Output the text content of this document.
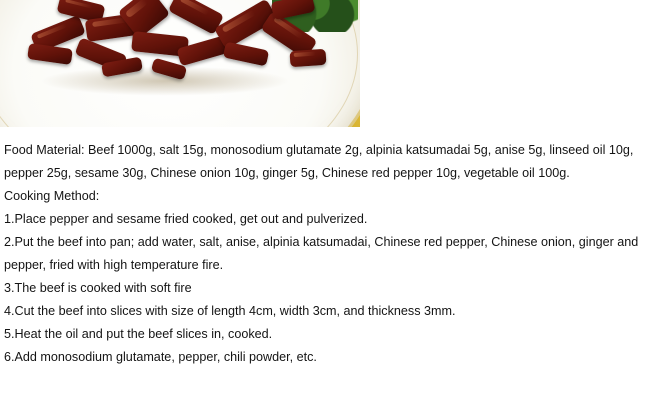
Food Material: Beef 1000g, salt 15g, monosodium glutamate 2g, alpinia katsumadai 5g, anise 5g, linseed oil 10g, pepper 25g, sesame 30g, Chinese onion 10g, ginger 5g, Chinese red pepper 10g, vegetable oil 100g.

Cooking Method:

1.Place pepper and sesame fried cooked, get out and pulverized.

2.Put the beef into pan; add water, salt, anise, alpinia katsumadai, Chinese red pepper, Chinese onion, ginger and pepper, fried with high temperature fire.

3.The beef is cooked with soft fire

4.Cut the beef into slices with size of length 4cm, width 3cm, and thickness 3mm.

5.Heat the oil and put the beef slices in, cooked.

6.Add monosodium glutamate, pepper, chili powder, etc.
